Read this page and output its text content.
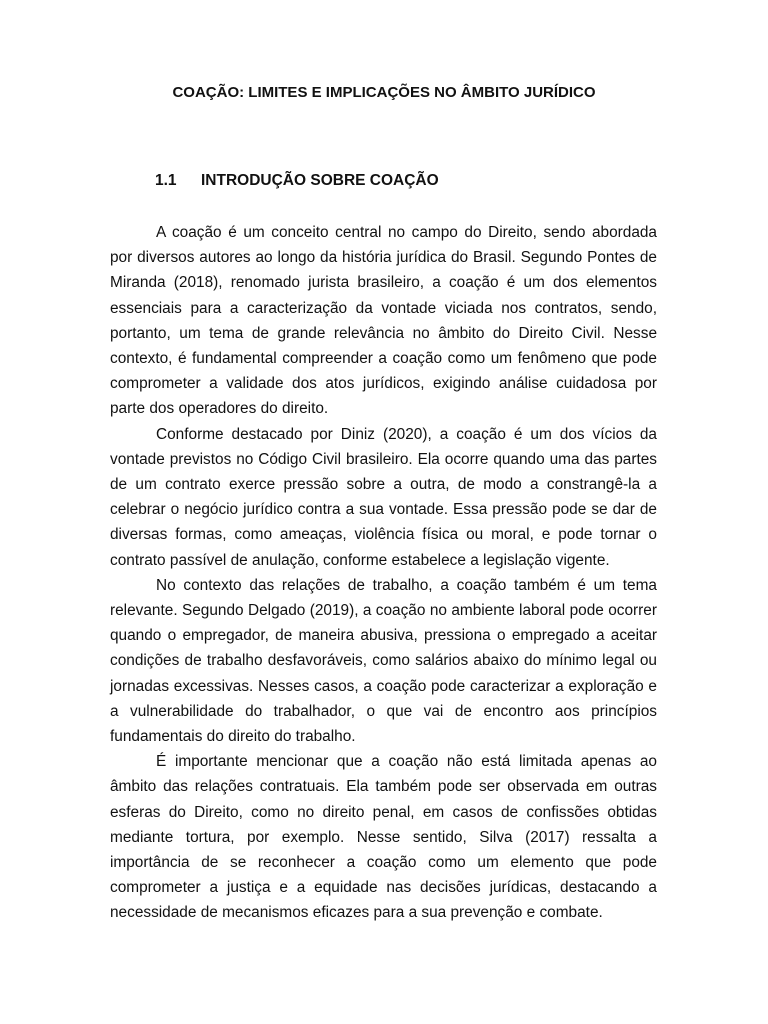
COAÇÃO: LIMITES E IMPLICAÇÕES NO ÂMBITO JURÍDICO
1.1 INTRODUÇÃO SOBRE COAÇÃO

A coação é um conceito central no campo do Direito, sendo abordada por diversos autores ao longo da história jurídica do Brasil. Segundo Pontes de Miranda (2018), renomado jurista brasileiro, a coação é um dos elementos essenciais para a caracterização da vontade viciada nos contratos, sendo, portanto, um tema de grande relevância no âmbito do Direito Civil. Nesse contexto, é fundamental compreender a coação como um fenômeno que pode comprometer a validade dos atos jurídicos, exigindo análise cuidadosa por parte dos operadores do direito.

Conforme destacado por Diniz (2020), a coação é um dos vícios da vontade previstos no Código Civil brasileiro. Ela ocorre quando uma das partes de um contrato exerce pressão sobre a outra, de modo a constrangê-la a celebrar o negócio jurídico contra a sua vontade. Essa pressão pode se dar de diversas formas, como ameaças, violência física ou moral, e pode tornar o contrato passível de anulação, conforme estabelece a legislação vigente.

No contexto das relações de trabalho, a coação também é um tema relevante. Segundo Delgado (2019), a coação no ambiente laboral pode ocorrer quando o empregador, de maneira abusiva, pressiona o empregado a aceitar condições de trabalho desfavoráveis, como salários abaixo do mínimo legal ou jornadas excessivas. Nesses casos, a coação pode caracterizar a exploração e a vulnerabilidade do trabalhador, o que vai de encontro aos princípios fundamentais do direito do trabalho.

É importante mencionar que a coação não está limitada apenas ao âmbito das relações contratuais. Ela também pode ser observada em outras esferas do Direito, como no direito penal, em casos de confissões obtidas mediante tortura, por exemplo. Nesse sentido, Silva (2017) ressalta a importância de se reconhecer a coação como um elemento que pode comprometer a justiça e a equidade nas decisões jurídicas, destacando a necessidade de mecanismos eficazes para a sua prevenção e combate.
